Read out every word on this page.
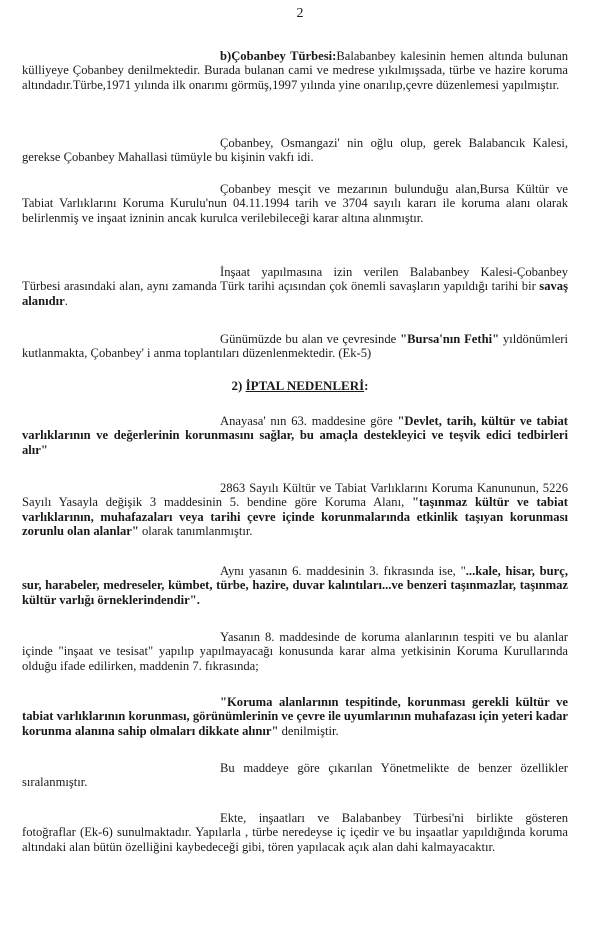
2

b)Çobanbey Türbesi:Balabanbey kalesinin hemen altında bulunan külliyeye Çobanbey denilmektedir. Burada bulanan cami ve medrese yıkılmışsada, türbe ve hazire koruma altındadır.Türbe,1971 yılında ilk onarımı görmüş,1997 yılında yine onarılıp,çevre düzenlemesi yapılmıştır.

Çobanbey, Osmangazi' nin oğlu olup, gerek Balabancık Kalesi, gerekse Çobanbey Mahallasi tümüyle bu kişinin vakfı idi.

Çobanbey mesçit ve mezarının bulunduğu alan,Bursa Kültür ve Tabiat Varlıklarını Koruma Kurulu'nun 04.11.1994 tarih ve 3704 sayılı kararı ile koruma alanı olarak belirlenmiş ve inşaat izninin ancak kurulca verilebileceği karar altına alınmıştır.

İnşaat yapılmasına izin verilen Balabanbey Kalesi-Çobanbey Türbesi arasındaki alan, aynı zamanda Türk tarihi açısından çok önemli savaşların yapıldığı tarihi bir savaş alanıdır.

Günümüzde bu alan ve çevresinde "Bursa'nın Fethi" yıldönümleri kutlanmakta, Çobanbey' i anma toplantıları düzenlenmektedir. (Ek-5)

2) İPTAL NEDENLERİ:

Anayasa' nın 63. maddesine göre "Devlet, tarih, kültür ve tabiat varlıklarının ve değerlerinin korunmasını sağlar, bu amaçla destekleyici ve teşvik edici tedbirleri alır"

2863 Sayılı Kültür ve Tabiat Varlıklarını Koruma Kanununun, 5226 Sayılı Yasayla değişik 3 maddesinin 5. bendine göre Koruma Alanı, "taşınmaz kültür ve tabiat varlıklarının, muhafazaları veya tarihi çevre içinde korunmalarında etkinlik taşıyan korunması zorunlu olan alanlar" olarak tanımlanmıştır.

Aynı yasanın 6. maddesinin 3. fıkrasında ise, "...kale, hisar, burç, sur, harabeler, medreseler, kümbet, türbe, hazire, duvar kalıntıları...ve benzeri taşınmazlar, taşınmaz kültür varlığı örneklerindendir".

Yasanın 8. maddesinde de koruma alanlarının tespiti ve bu alanlar içinde "inşaat ve tesisat" yapılıp yapılmayacağı konusunda karar alma yetkisinin Koruma Kurullarında olduğu ifade edilirken, maddenin 7. fıkrasında;

"Koruma alanlarının tespitinde, korunması gerekli kültür ve tabiat varlıklarının korunması, görünümlerinin ve çevre ile uyumlarının muhafazası için yeteri kadar korunma alanına sahip olmaları dikkate alınır" denilmiştir.

Bu maddeye göre çıkarılan Yönetmelikte de benzer özellikler sıralanmıştır.

Ekte, inşaatları ve Balabanbey Türbesi'ni birlikte gösteren fotoğraflar (Ek-6) sunulmaktadır. Yapılarla , türbe neredeyse iç içedir ve bu inşaatlar yapıldığında koruma altındaki alan bütün özelliğini kaybedeceği gibi, tören yapılacak açık alan dahi kalmayacaktır.
